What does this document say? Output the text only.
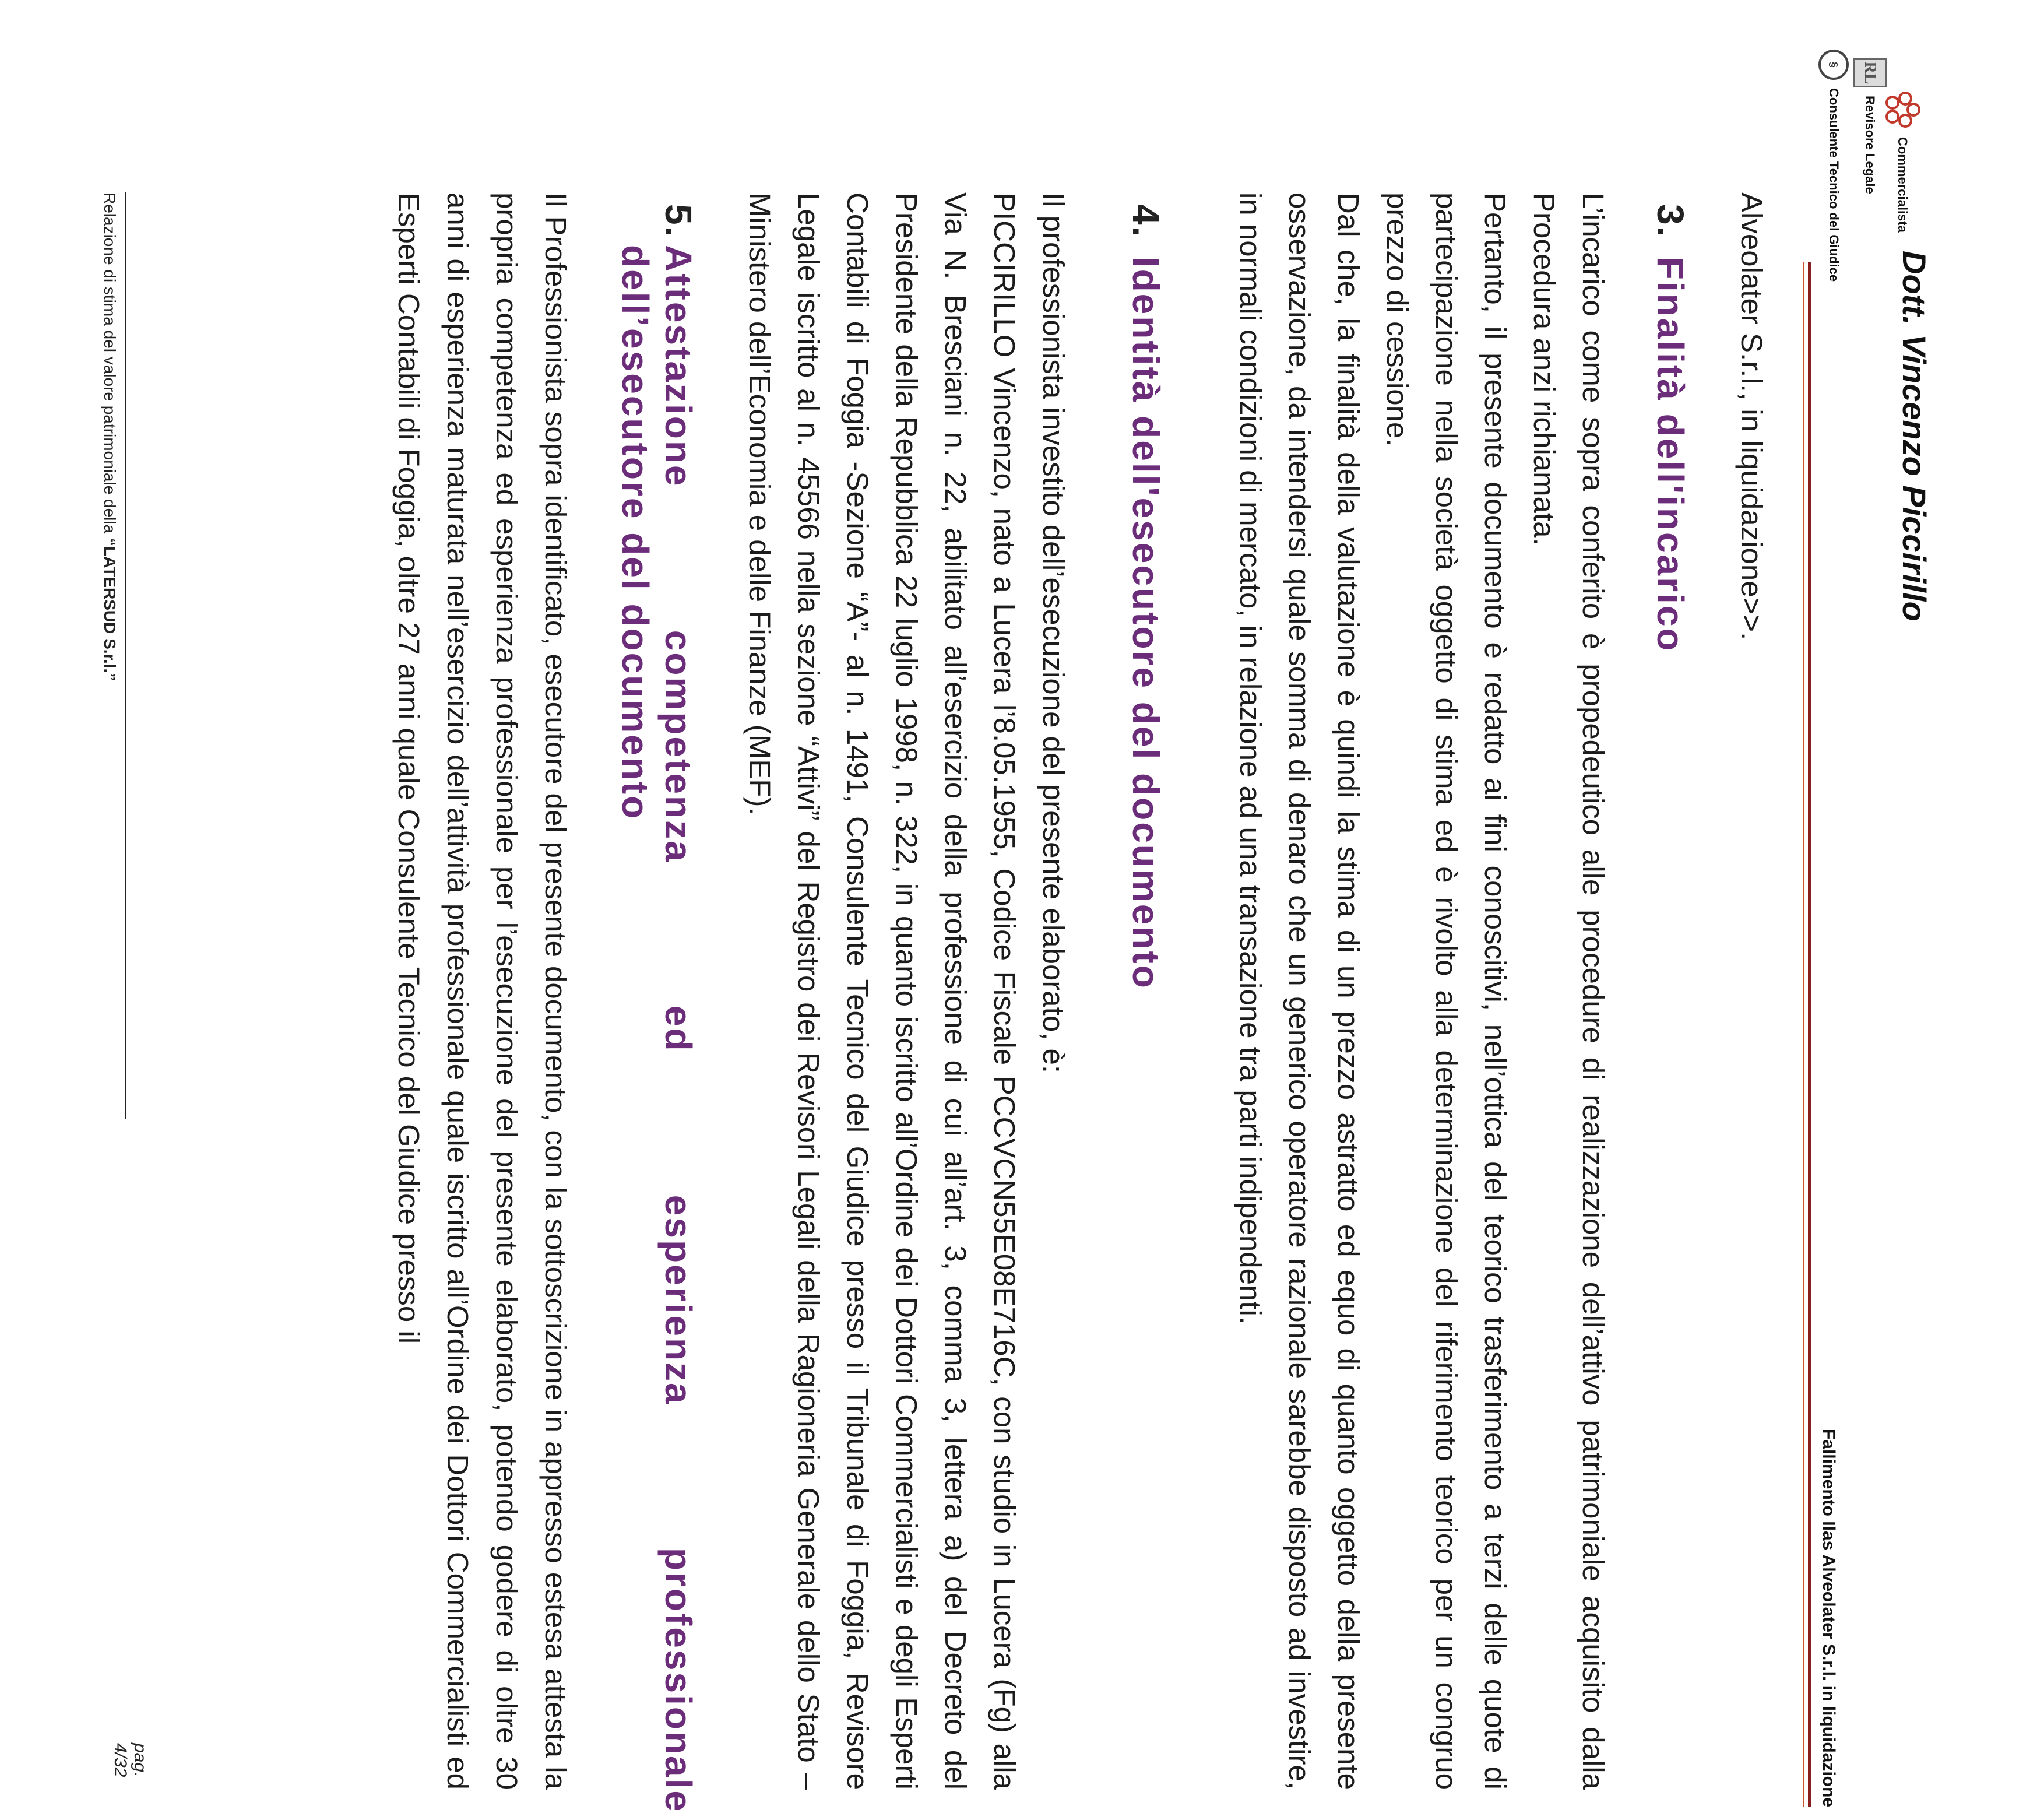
Dott. Vincenzo Piccirillo
Commercialista
RL
Revisore Legale
§
Consulente Tecnico del Giudice
Fallimento Ilas Alveolater S.r.l. in liquidazione

Alveolater S.r.l., in liquidazione>>.

3. Finalità dell'incarico

L’incarico come sopra conferito è propedeutico alle procedure di realizzazione dell’attivo patrimoniale acquisito dalla Procedura anzi richiamata.

Pertanto, il presente documento è redatto ai fini conoscitivi, nell’ottica del teorico trasferimento a terzi delle quote di partecipazione nella società oggetto di stima ed è rivolto alla determinazione del riferimento teorico per un congruo prezzo di cessione.

Dal che, la finalità della valutazione è quindi la stima di un prezzo astratto ed equo di quanto oggetto della presente osservazione, da intendersi quale somma di denaro che un generico operatore razionale sarebbe disposto ad investire, in normali condizioni di mercato, in relazione ad una transazione tra parti indipendenti.

4. Identità dell'esecutore del documento

Il professionista investito dell’esecuzione del presente elaborato, è:

PICCIRILLO Vincenzo, nato a Lucera l’8.05.1955, Codice Fiscale PCCVCN55E08E716C, con studio in Lucera (Fg) alla Via N. Bresciani n. 22, abilitato all’esercizio della professione di cui all’art. 3, comma 3, lettera a) del Decreto del Presidente della Repubblica 22 luglio 1998, n. 322, in quanto iscritto all’Ordine dei Dottori Commercialisti e degli Esperti Contabili di Foggia -Sezione “A”- al n. 1491, Consulente Tecnico del Giudice presso il Tribunale di Foggia, Revisore Legale iscritto al n. 45566 nella sezione “Attivi” del Registro dei Revisori Legali della Ragioneria Generale dello Stato – Ministero dell’Economia e delle Finanze (MEF).

5.Attestazione competenza ed esperienza professionale
dell’esecutore del documento

Il Professionista sopra identificato, esecutore del presente documento, con la sottoscrizione in appresso estesa attesta la propria competenza ed esperienza professionale per l’esecuzione del presente elaborato, potendo godere di oltre 30 anni di esperienza maturata nell’esercizio dell’attività professionale quale iscritto all’Ordine dei Dottori Commercialisti ed Esperti Contabili di Foggia, oltre 27 anni quale Consulente Tecnico del Giudice presso il

pag. 4/32
Relazione di stima del valore patrimoniale della “LATERSUD S.r.l.”
